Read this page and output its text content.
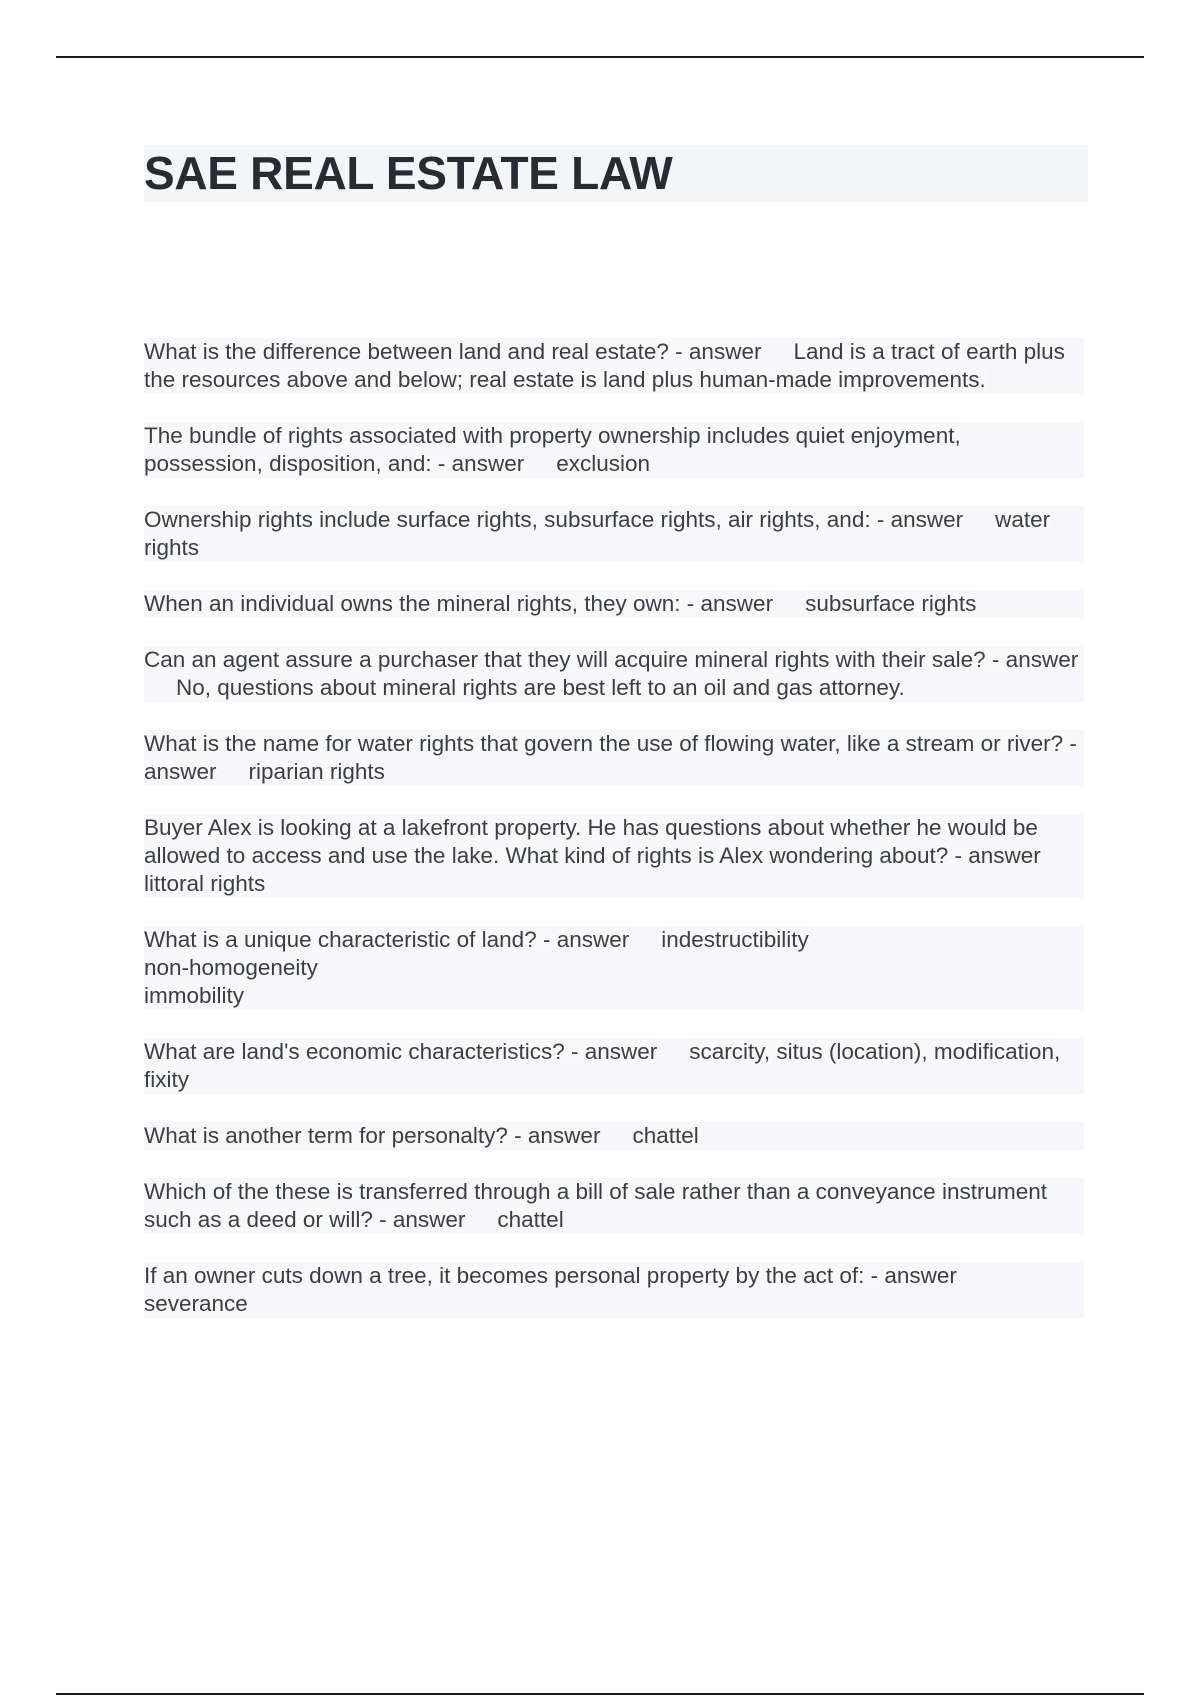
SAE REAL ESTATE LAW

What is the difference between land and real estate? - answer Land is a tract of earth plus the resources above and below; real estate is land plus human-made improvements.

The bundle of rights associated with property ownership includes quiet enjoyment, possession, disposition, and: - answer exclusion

Ownership rights include surface rights, subsurface rights, air rights, and: - answer water rights

When an individual owns the mineral rights, they own: - answer subsurface rights

Can an agent assure a purchaser that they will acquire mineral rights with their sale? - answerNo, questions about mineral rights are best left to an oil and gas attorney.

What is the name for water rights that govern the use of flowing water, like a stream or river? - answer riparian rights

Buyer Alex is looking at a lakefront property. He has questions about whether he would be allowed to access and use the lake. What kind of rights is Alex wondering about? - answerlittoral rights

What is a unique characteristic of land? - answer indestructibility
non-homogeneity
immobility

What are land's economic characteristics? - answer scarcity, situs (location), modification, fixity

What is another term for personalty? - answer chattel

Which of the these is transferred through a bill of sale rather than a conveyance instrument such as a deed or will? - answer chattel

If an owner cuts down a tree, it becomes personal property by the act of: - answerseverance
